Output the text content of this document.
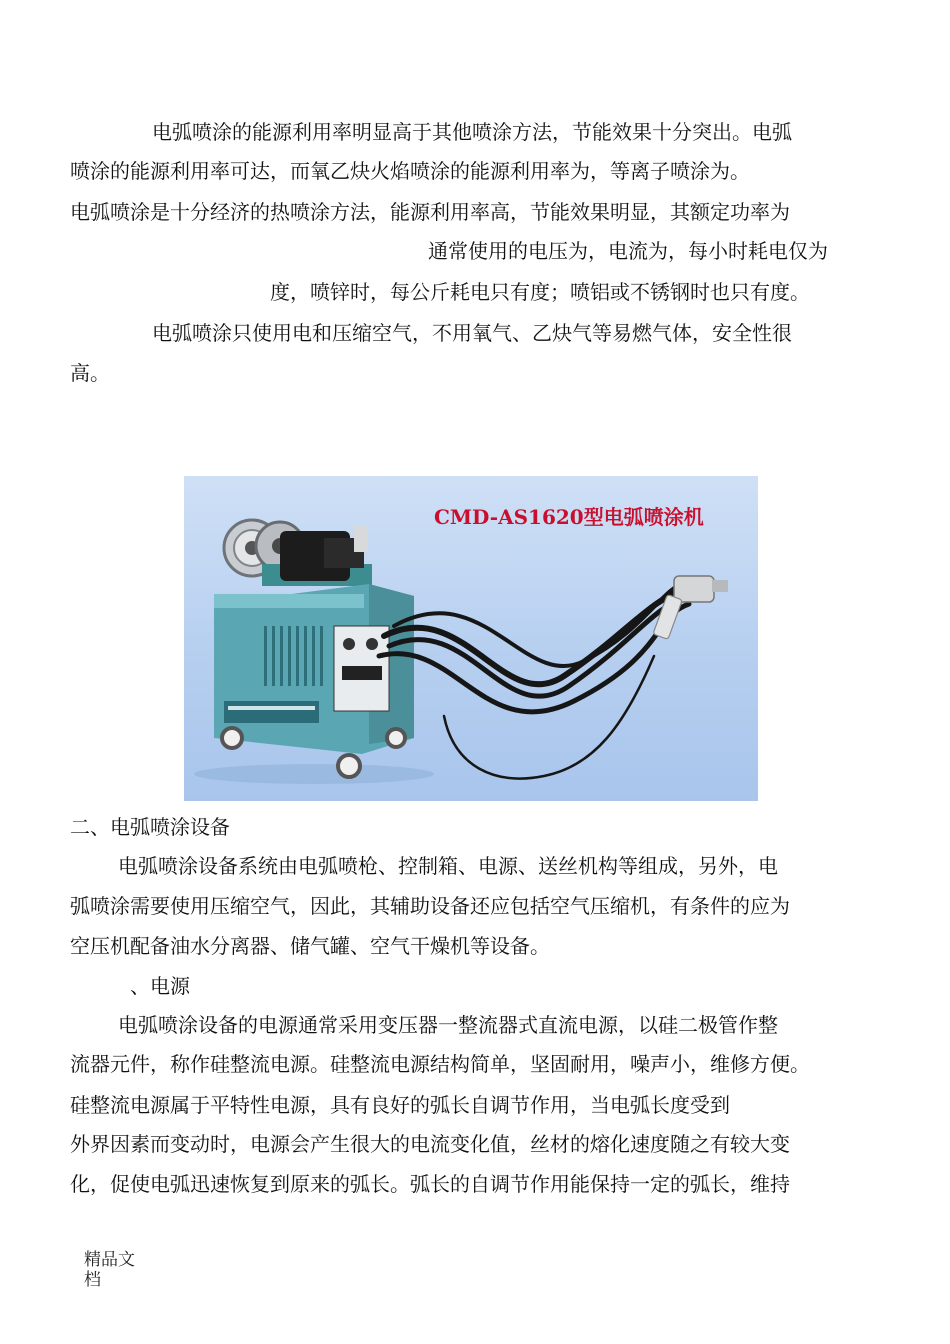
电弧喷涂的能源利用率明显高于其他喷涂方法，节能效果十分突出。电弧
喷涂的能源利用率可达，而氧乙炔火焰喷涂的能源利用率为，等离子喷涂为。
电弧喷涂是十分经济的热喷涂方法，能源利用率高，节能效果明显，其额定功率为
通常使用的电压为，电流为，每小时耗电仅为
度，喷锌时，每公斤耗电只有度；喷铝或不锈钢时也只有度。
电弧喷涂只使用电和压缩空气，不用氧气、乙炔气等易燃气体，安全性很
高。
CMD-AS1620型电弧喷涂机
二、电弧喷涂设备
电弧喷涂设备系统由电弧喷枪、控制箱、电源、送丝机构等组成，另外，电
弧喷涂需要使用压缩空气，因此，其辅助设备还应包括空气压缩机，有条件的应为
空压机配备油水分离器、储气罐、空气干燥机等设备。
、电源
电弧喷涂设备的电源通常采用变压器一整流器式直流电源，以硅二极管作整
流器元件，称作硅整流电源。硅整流电源结构简单，坚固耐用，噪声小，维修方便。
硅整流电源属于平特性电源，具有良好的弧长自调节作用，当电弧长度受到
外界因素而变动时，电源会产生很大的电流变化值，丝材的熔化速度随之有较大变
化，促使电弧迅速恢复到原来的弧长。弧长的自调节作用能保持一定的弧长，维持
精品文
档
